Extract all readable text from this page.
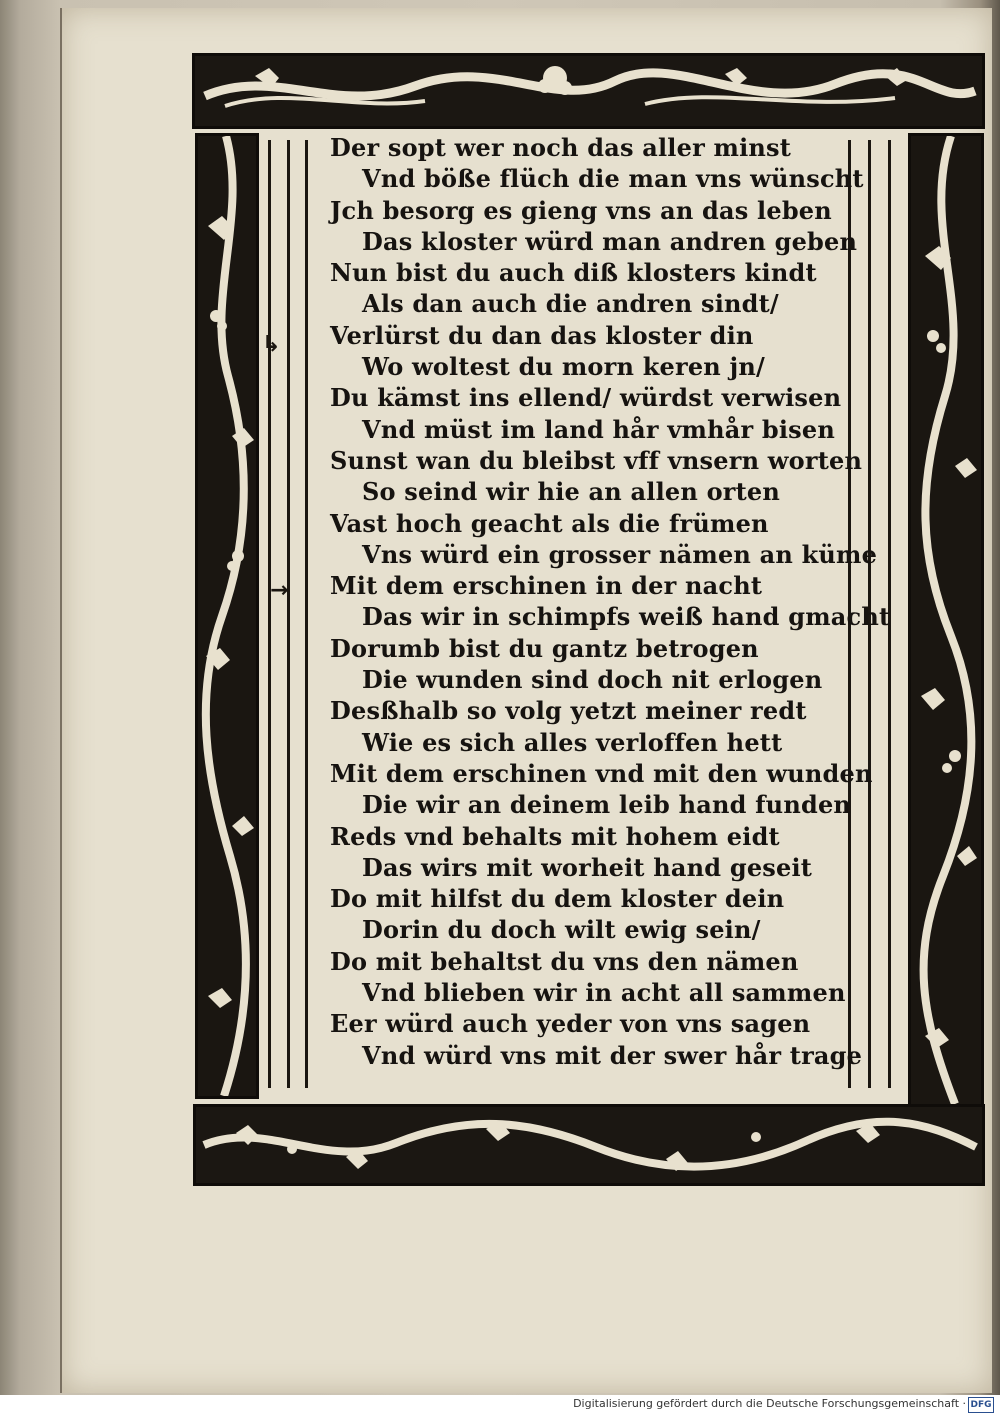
↳
→
Der sopt wer noch das aller minst
Vnd böße flüch die man vns wünscht
Jch besorg es gieng vns an das leben
Das kloster würd man andren geben
Nun bist du auch diß klosters kindt
Als dan auch die andren sindt/
Verlürst du dan das kloster din
Wo woltest du morn keren jn/
Du kämst ins ellend/ würdst verwisen
Vnd müst im land hår vmhår bisen
Sunst wan du bleibst vff vnsern worten
So seind wir hie an allen orten
Vast hoch geacht als die frümen
Vns würd ein grosser nämen an küme
Mit dem erschinen in der nacht
Das wir in schimpfs weiß hand gmacht
Dorumb bist du gantz betrogen
Die wunden sind doch nit erlogen
Desßhalb so volg yetzt meiner redt
Wie es sich alles verloffen hett
Mit dem erschinen vnd mit den wunden
Die wir an deinem leib hand funden
Reds vnd behalts mit hohem eidt
Das wirs mit worheit hand geseit
Do mit hilfst du dem kloster dein
Dorin du doch wilt ewig sein/
Do mit behaltst du vns den nämen
Vnd blieben wir in acht all sammen
Eer würd auch yeder von vns sagen
Vnd würd vns mit der swer hår trage
Digitalisierung gefördert durch die Deutsche Forschungsgemeinschaft · DFG
